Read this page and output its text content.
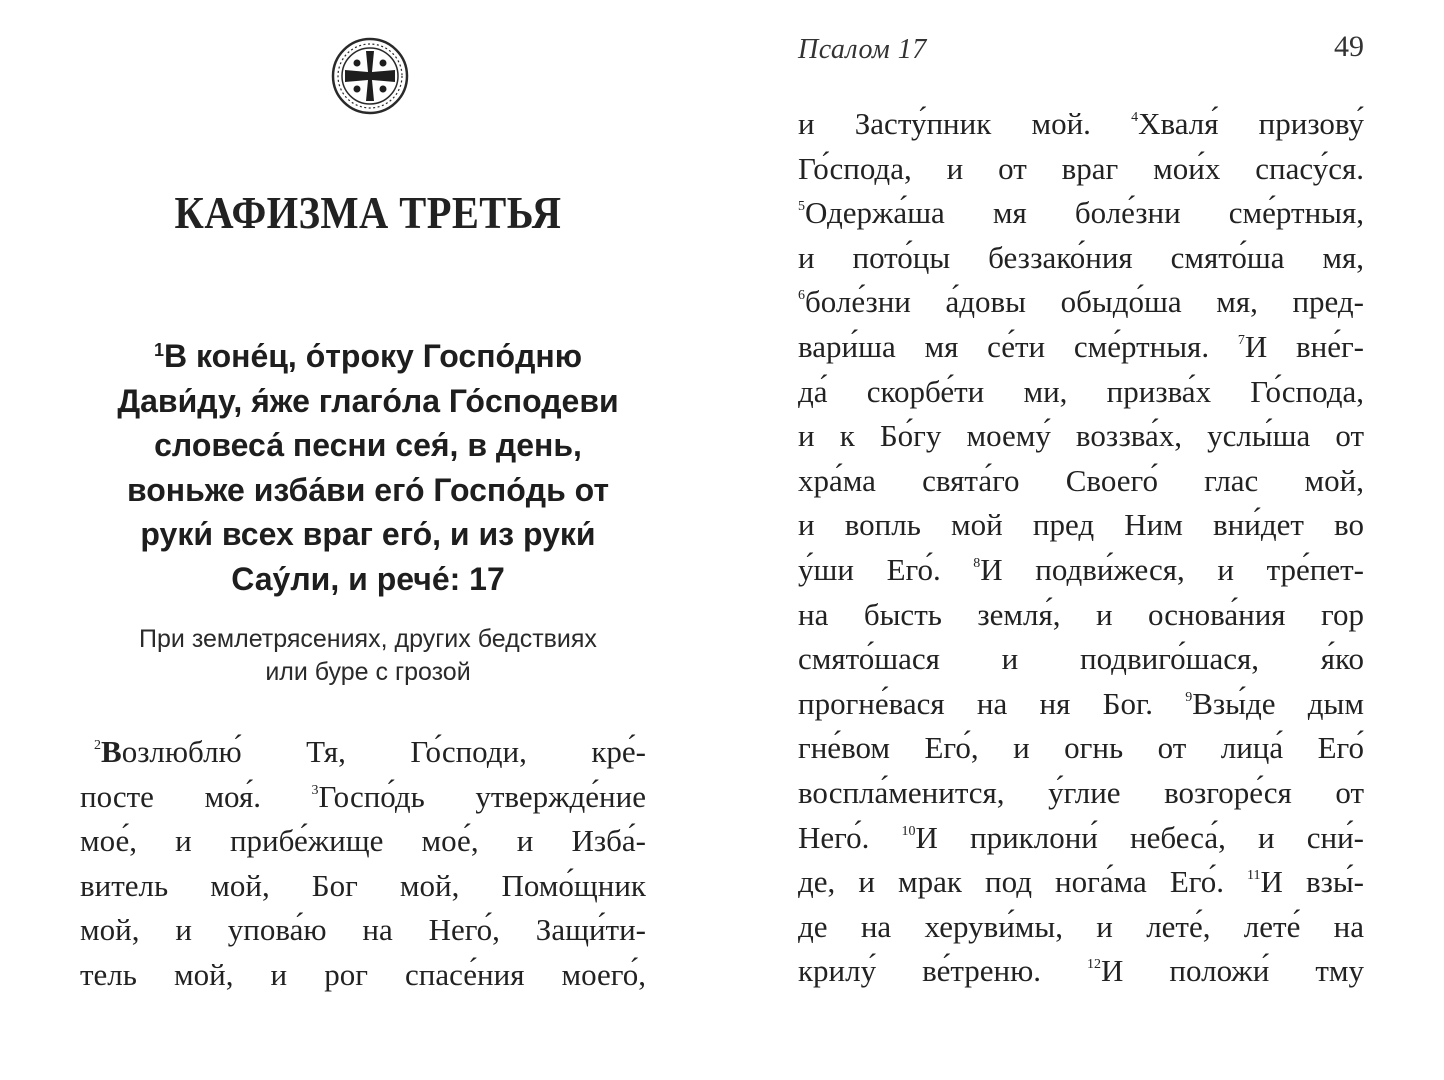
КАФИЗМА ТРЕТЬЯ
$^1$В коне́ц, о́троку Госпо́дню
Дави́ду, я́же глаго́ла Го́сподеви
словеса́ песни сея́, в день,
воньже изба́ви его́ Госпо́дь от
руки́ всех враг его́, и из руки́
Сау́ли, и рече́: 17
При землетрясениях, других бедствиях
или буре с грозой
$^2$Возлюблю́ Тя, Го́споди, кре́-
посте моя́. $^3$Госпо́дь утвержде́ние
мое́, и прибе́жище мое́, и Изба́-
витель мой, Бог мой, Помо́щник
мой, и упова́ю на Него́, Защи́ти-
тель мой, и рог спасе́ния моего́,
Псалом 17	49
и Засту́пник мой. $^4$Хваля́ призову́
Го́спода, и от враг мои́х спасу́ся.
$^5$Одержа́ша мя боле́зни сме́ртныя,
и пото́цы беззако́ния смято́ша мя,
$^6$боле́зни а́довы обыдо́ша мя, пред-
вари́ша мя се́ти сме́ртныя. $^7$И вне́г-
да́ скорбе́ти ми, призва́х Го́спода,
и к Бо́гу моему́ воззва́х, услы́ша от
хра́ма свята́го Своего́ глас мой,
и вопль мой пред Ним вни́дет во
у́ши Его́. $^8$И подви́жеся, и тре́пет-
на бысть земля́, и основа́ния гор
смято́шася и подвиго́шася, я́ко
прогне́вася на ня Бог. $^9$Взы́де дым
гне́вом Его́, и огнь от лица́ Его́
воспла́менится, у́глие возгоре́ся от
Него́. $^{10}$И приклони́ небеса́, и сни́-
де, и мрак под нога́ма Его́. $^{11}$И взы́-
де на херуви́мы, и лете́, лете́ на
крилу́ ве́треню. $^{12}$И положи́ тму
